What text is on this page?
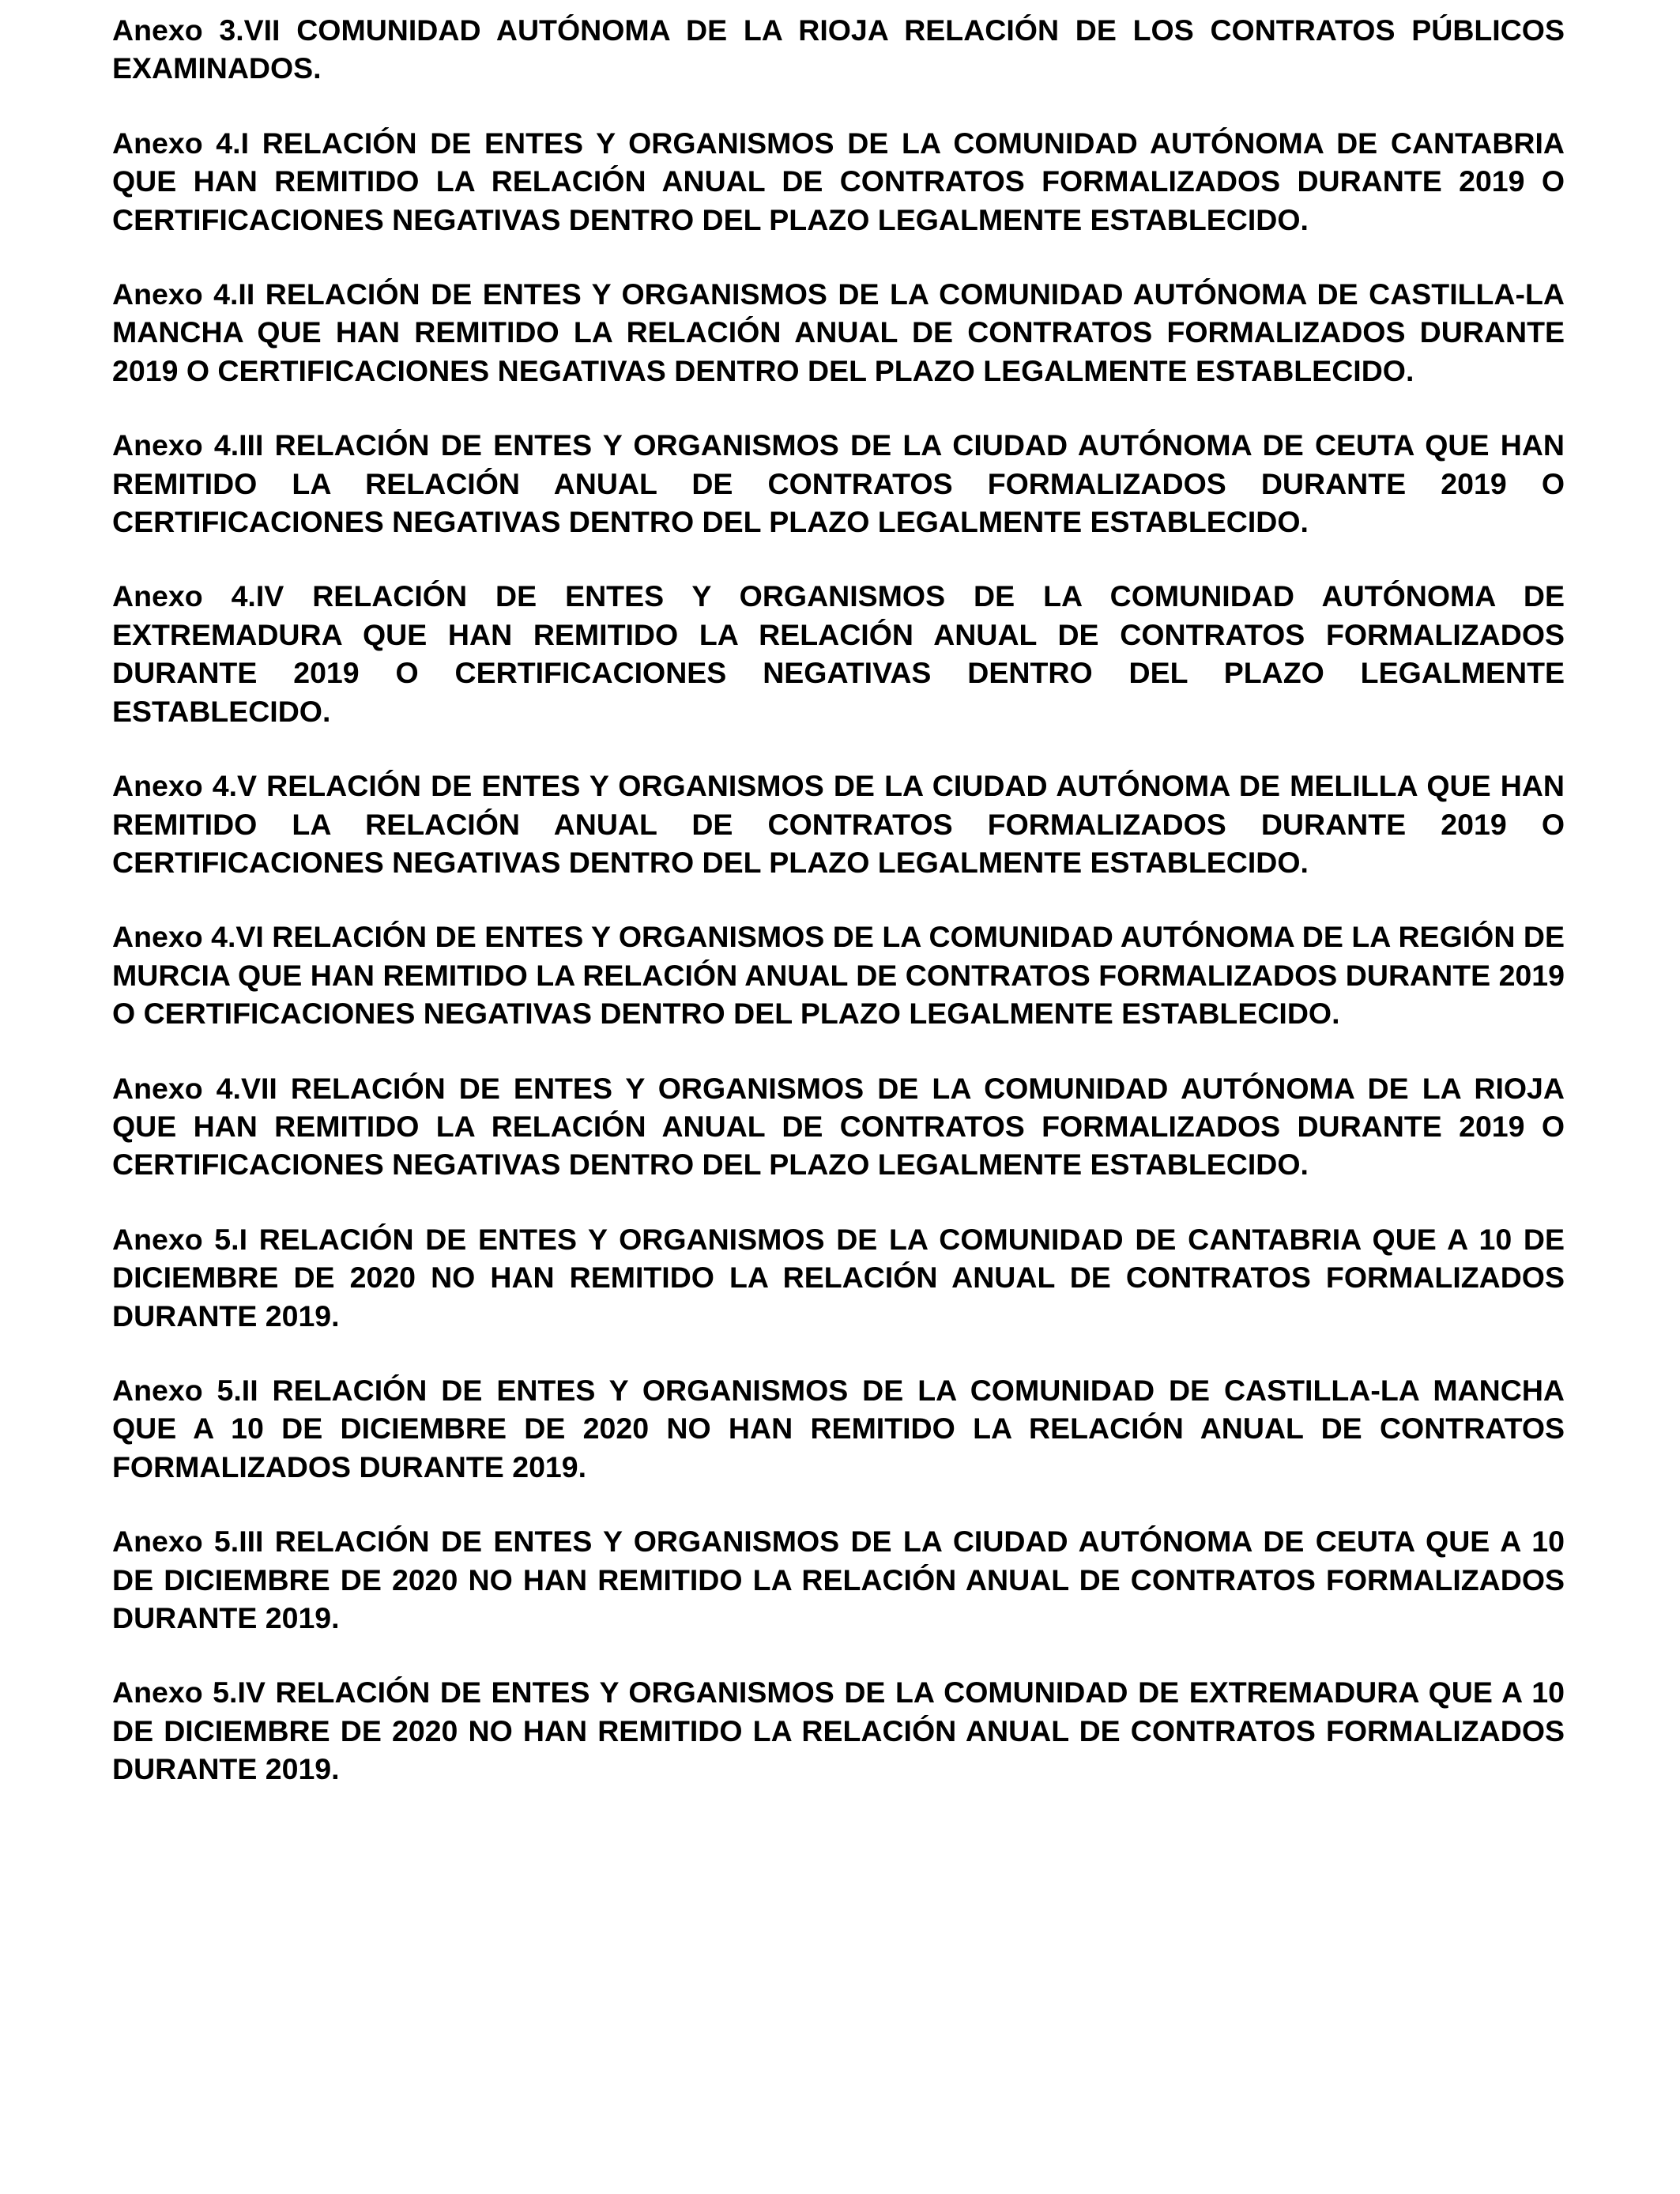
Anexo 3.VII COMUNIDAD AUTÓNOMA DE LA RIOJA RELACIÓN DE LOS CONTRATOS PÚBLICOS EXAMINADOS.

Anexo 4.I RELACIÓN DE ENTES Y ORGANISMOS DE LA COMUNIDAD AUTÓNOMA DE CANTABRIA QUE HAN REMITIDO LA RELACIÓN ANUAL DE CONTRATOS FORMALIZADOS DURANTE 2019 O CERTIFICACIONES NEGATIVAS DENTRO DEL PLAZO LEGALMENTE ESTABLECIDO.

Anexo 4.II RELACIÓN DE ENTES Y ORGANISMOS DE LA COMUNIDAD AUTÓNOMA DE CASTILLA-LA MANCHA QUE HAN REMITIDO LA RELACIÓN ANUAL DE CONTRATOS FORMALIZADOS DURANTE 2019 O CERTIFICACIONES NEGATIVAS DENTRO DEL PLAZO LEGALMENTE ESTABLECIDO.

Anexo 4.III RELACIÓN DE ENTES Y ORGANISMOS DE LA CIUDAD AUTÓNOMA DE CEUTA QUE HAN REMITIDO LA RELACIÓN ANUAL DE CONTRATOS FORMALIZADOS DURANTE 2019 O CERTIFICACIONES NEGATIVAS DENTRO DEL PLAZO LEGALMENTE ESTABLECIDO.

Anexo 4.IV RELACIÓN DE ENTES Y ORGANISMOS DE LA COMUNIDAD AUTÓNOMA DE EXTREMADURA QUE HAN REMITIDO LA RELACIÓN ANUAL DE CONTRATOS FORMALIZADOS DURANTE 2019 O CERTIFICACIONES NEGATIVAS DENTRO DEL PLAZO LEGALMENTE ESTABLECIDO.

Anexo 4.V RELACIÓN DE ENTES Y ORGANISMOS DE LA CIUDAD AUTÓNOMA DE MELILLA QUE HAN REMITIDO LA RELACIÓN ANUAL DE CONTRATOS FORMALIZADOS DURANTE 2019 O CERTIFICACIONES NEGATIVAS DENTRO DEL PLAZO LEGALMENTE ESTABLECIDO.

Anexo 4.VI RELACIÓN DE ENTES Y ORGANISMOS DE LA COMUNIDAD AUTÓNOMA DE LA REGIÓN DE MURCIA QUE HAN REMITIDO LA RELACIÓN ANUAL DE CONTRATOS FORMALIZADOS DURANTE 2019 O CERTIFICACIONES NEGATIVAS DENTRO DEL PLAZO LEGALMENTE ESTABLECIDO.

Anexo 4.VII RELACIÓN DE ENTES Y ORGANISMOS DE LA COMUNIDAD AUTÓNOMA DE LA RIOJA QUE HAN REMITIDO LA RELACIÓN ANUAL DE CONTRATOS FORMALIZADOS DURANTE 2019 O CERTIFICACIONES NEGATIVAS DENTRO DEL PLAZO LEGALMENTE ESTABLECIDO.

Anexo 5.I RELACIÓN DE ENTES Y ORGANISMOS DE LA COMUNIDAD DE CANTABRIA QUE A 10 DE DICIEMBRE DE 2020 NO HAN REMITIDO LA RELACIÓN ANUAL DE CONTRATOS FORMALIZADOS DURANTE 2019.

Anexo 5.II RELACIÓN DE ENTES Y ORGANISMOS DE LA COMUNIDAD DE CASTILLA-LA MANCHA QUE A 10 DE DICIEMBRE DE 2020 NO HAN REMITIDO LA RELACIÓN ANUAL DE CONTRATOS FORMALIZADOS DURANTE 2019.

Anexo 5.III RELACIÓN DE ENTES Y ORGANISMOS DE LA CIUDAD AUTÓNOMA DE CEUTA QUE A 10 DE DICIEMBRE DE 2020 NO HAN REMITIDO LA RELACIÓN ANUAL DE CONTRATOS FORMALIZADOS DURANTE 2019.

Anexo 5.IV RELACIÓN DE ENTES Y ORGANISMOS DE LA COMUNIDAD DE EXTREMADURA QUE A 10 DE DICIEMBRE DE 2020 NO HAN REMITIDO LA RELACIÓN ANUAL DE CONTRATOS FORMALIZADOS DURANTE 2019.
